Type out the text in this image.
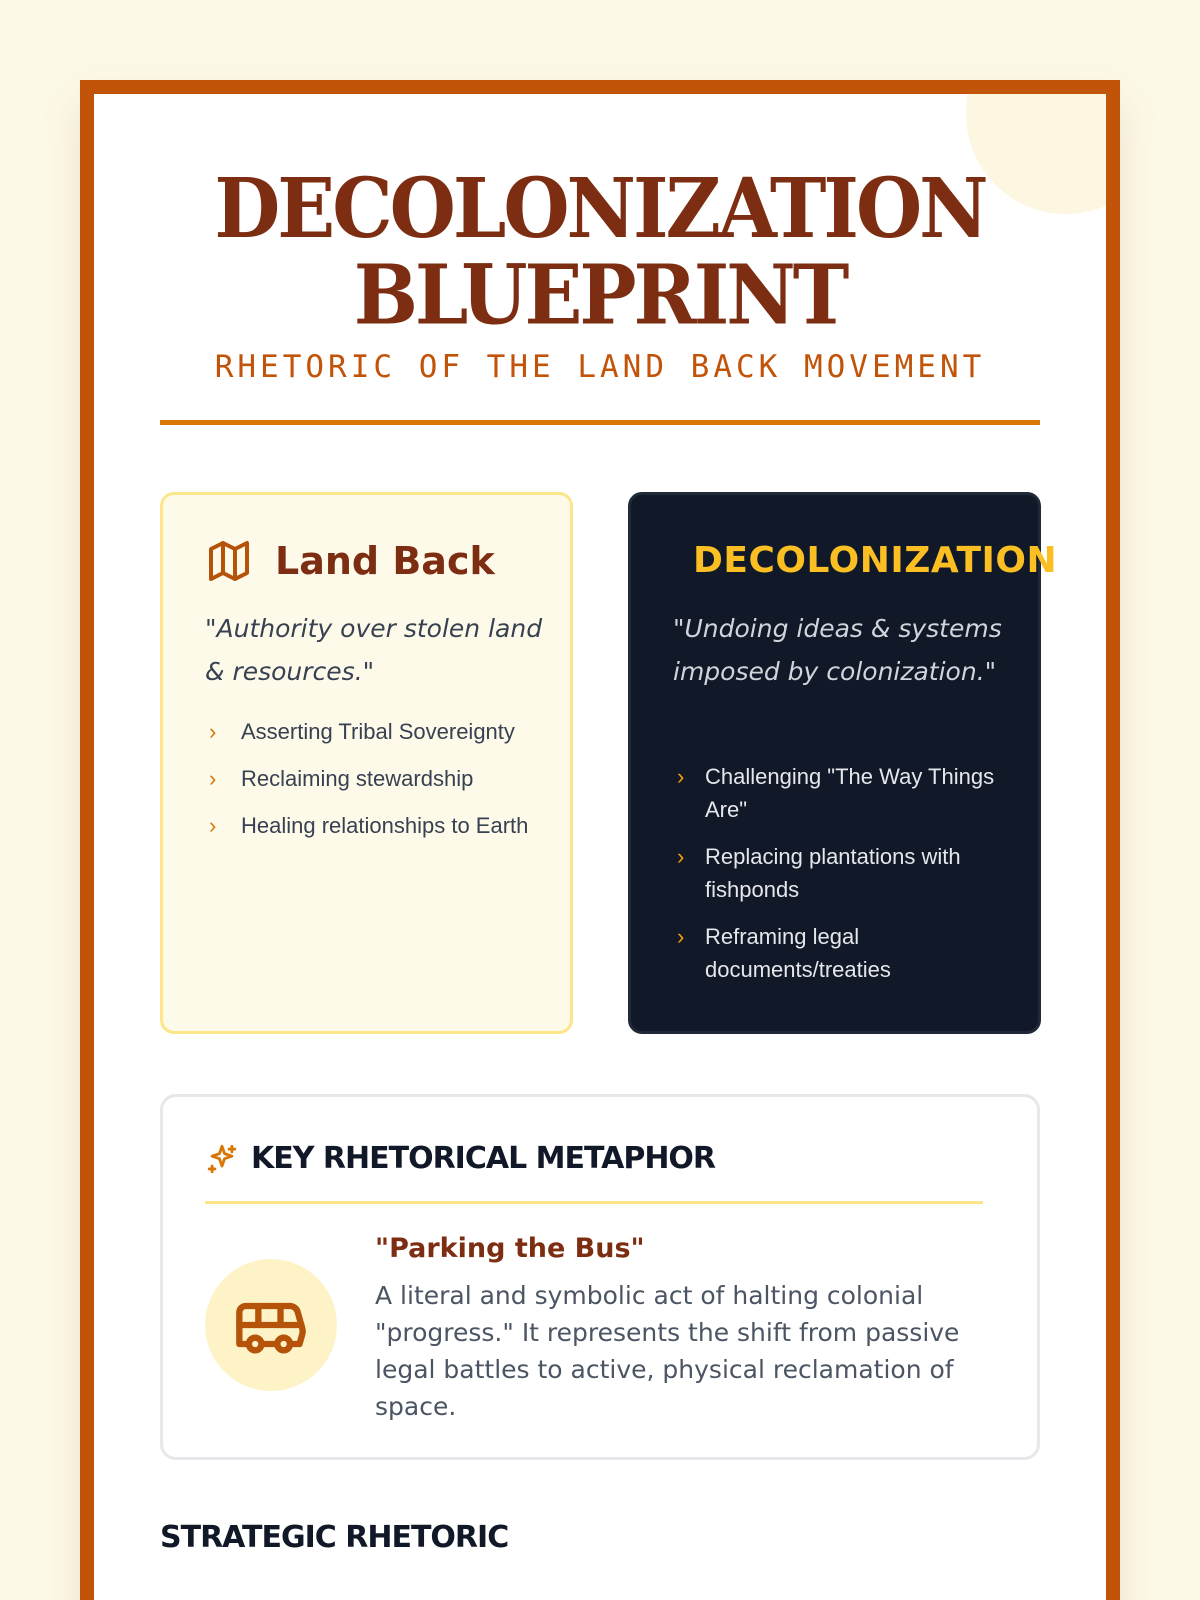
DECOLONIZATION BLUEPRINT
RHETORIC OF THE LAND BACK MOVEMENT
Land Back

"Authority over stolen land & resources."

› Asserting Tribal Sovereignty
› Reclaiming stewardship
› Healing relationships to Earth
DECOLONIZATION

"Undoing ideas & systems imposed by colonization."

› Challenging "The Way Things Are"
› Replacing plantations with fishponds
› Reframing legal documents/treaties
KEY RHETORICAL METAPHOR
"Parking the Bus"

A literal and symbolic act of halting colonial "progress." It represents the shift from passive legal battles to active, physical reclamation of space.

STRATEGIC RHETORIC
